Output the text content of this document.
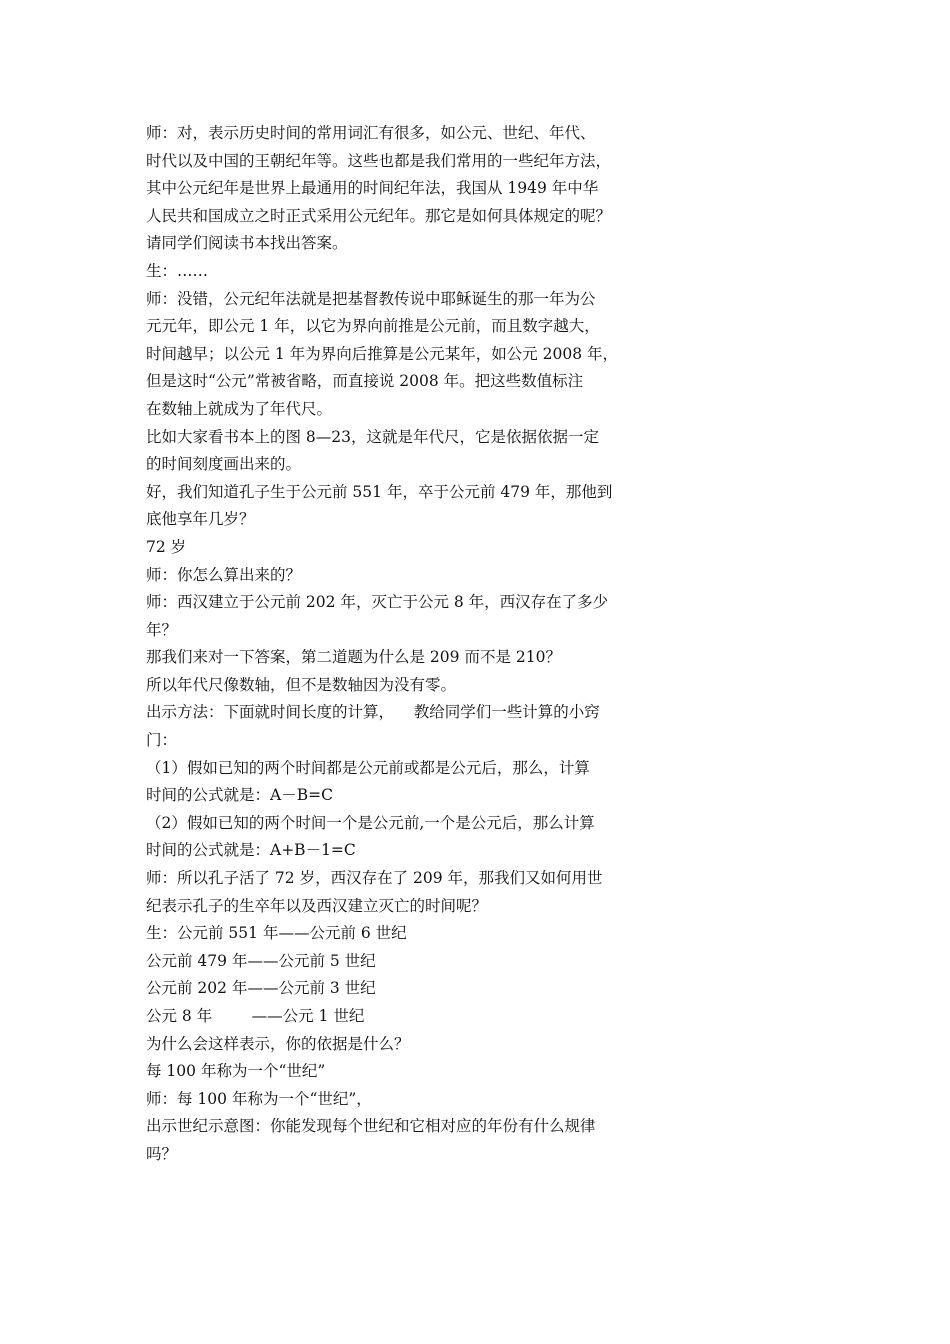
师：对，表示历史时间的常用词汇有很多，如公元、世纪、年代、
时代以及中国的王朝纪年等。这些也都是我们常用的一些纪年方法，
其中公元纪年是世界上最通用的时间纪年法，我国从 1949 年中华
人民共和国成立之时正式采用公元纪年。那它是如何具体规定的呢？
请同学们阅读书本找出答案。
生：……
师：没错，公元纪年法就是把基督教传说中耶稣诞生的那一年为公
元元年，即公元 1 年，以它为界向前推是公元前，而且数字越大，
时间越早；以公元 1 年为界向后推算是公元某年，如公元 2008 年，
但是这时“公元”常被省略，而直接说 2008 年。把这些数值标注
在数轴上就成为了年代尺。
比如大家看书本上的图 8—23，这就是年代尺，它是依据依据一定
的时间刻度画出来的。
好，我们知道孔子生于公元前 551 年，卒于公元前 479 年，那他到
底他享年几岁？
72 岁
师：你怎么算出来的？
师：西汉建立于公元前 202 年，灭亡于公元 8 年，西汉存在了多少
年？
那我们来对一下答案，第二道题为什么是 209 而不是 210？
所以年代尺像数轴，但不是数轴因为没有零。
出示方法：下面就时间长度的计算，    教给同学们一些计算的小窍
门：
（1）假如已知的两个时间都是公元前或都是公元后，那么，计算
时间的公式就是：A－B=C
（2）假如已知的两个时间一个是公元前,一个是公元后，那么计算
时间的公式就是：A+B－1=C
师：所以孔子活了 72 岁，西汉存在了 209 年，那我们又如何用世
纪表示孔子的生卒年以及西汉建立灭亡的时间呢？
生：公元前 551 年——公元前 6 世纪
公元前 479 年——公元前 5 世纪
公元前 202 年——公元前 3 世纪
公元 8 年        ——公元 1 世纪
为什么会这样表示，你的依据是什么？
每 100 年称为一个“世纪”
师：每 100 年称为一个“世纪”，
出示世纪示意图：你能发现每个世纪和它相对应的年份有什么规律
吗？
